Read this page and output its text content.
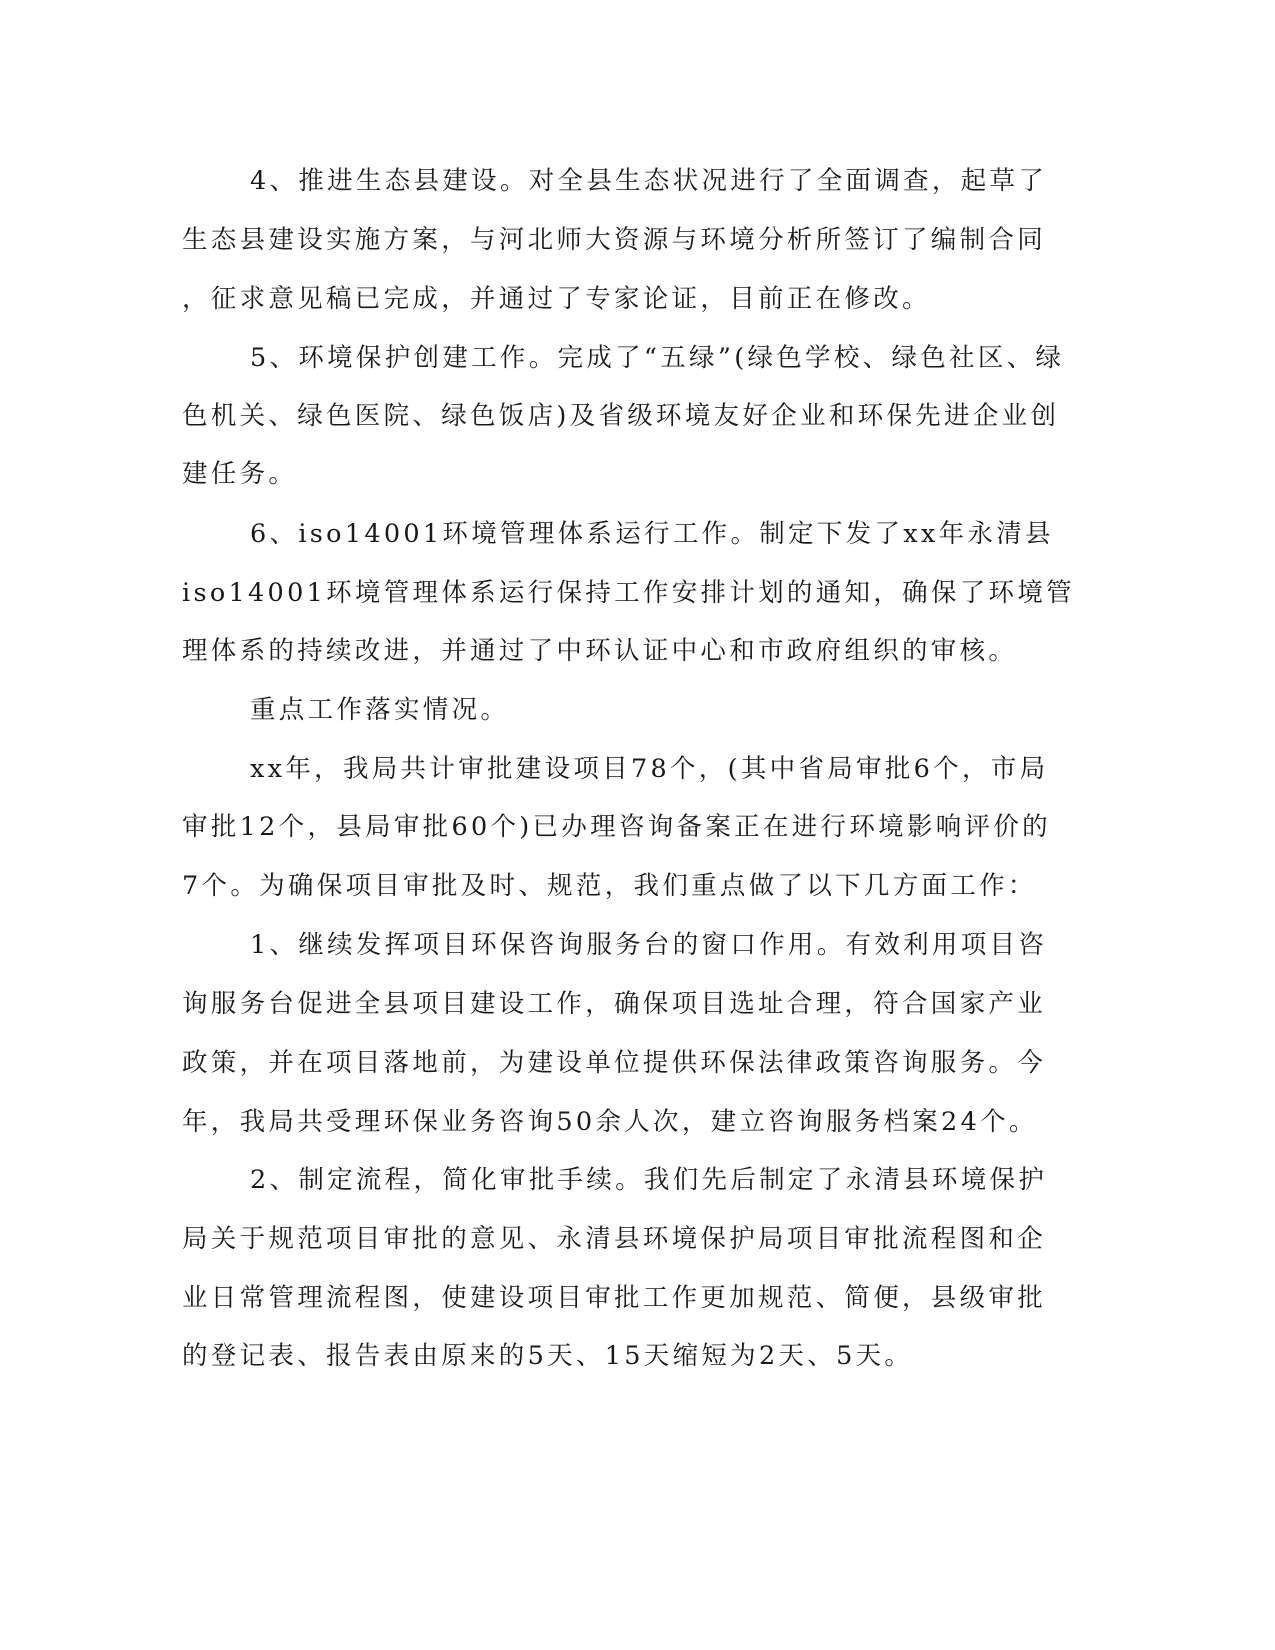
4、推进生态县建设。对全县生态状况进行了全面调查，起草了
生态县建设实施方案，与河北师大资源与环境分析所签订了编制合同
，征求意见稿已完成，并通过了专家论证，目前正在修改。
5、环境保护创建工作。完成了“五绿”(绿色学校、绿色社区、绿
色机关、绿色医院、绿色饭店)及省级环境友好企业和环保先进企业创
建任务。
6、iso14001环境管理体系运行工作。制定下发了xx年永清县
iso14001环境管理体系运行保持工作安排计划的通知，确保了环境管
理体系的持续改进，并通过了中环认证中心和市政府组织的审核。
重点工作落实情况。
xx年，我局共计审批建设项目78个，(其中省局审批6个，市局
审批12个，县局审批60个)已办理咨询备案正在进行环境影响评价的
7个。为确保项目审批及时、规范，我们重点做了以下几方面工作：
1、继续发挥项目环保咨询服务台的窗口作用。有效利用项目咨
询服务台促进全县项目建设工作，确保项目选址合理，符合国家产业
政策，并在项目落地前，为建设单位提供环保法律政策咨询服务。今
年，我局共受理环保业务咨询50余人次，建立咨询服务档案24个。
2、制定流程，简化审批手续。我们先后制定了永清县环境保护
局关于规范项目审批的意见、永清县环境保护局项目审批流程图和企
业日常管理流程图，使建设项目审批工作更加规范、简便，县级审批
的登记表、报告表由原来的5天、15天缩短为2天、5天。
